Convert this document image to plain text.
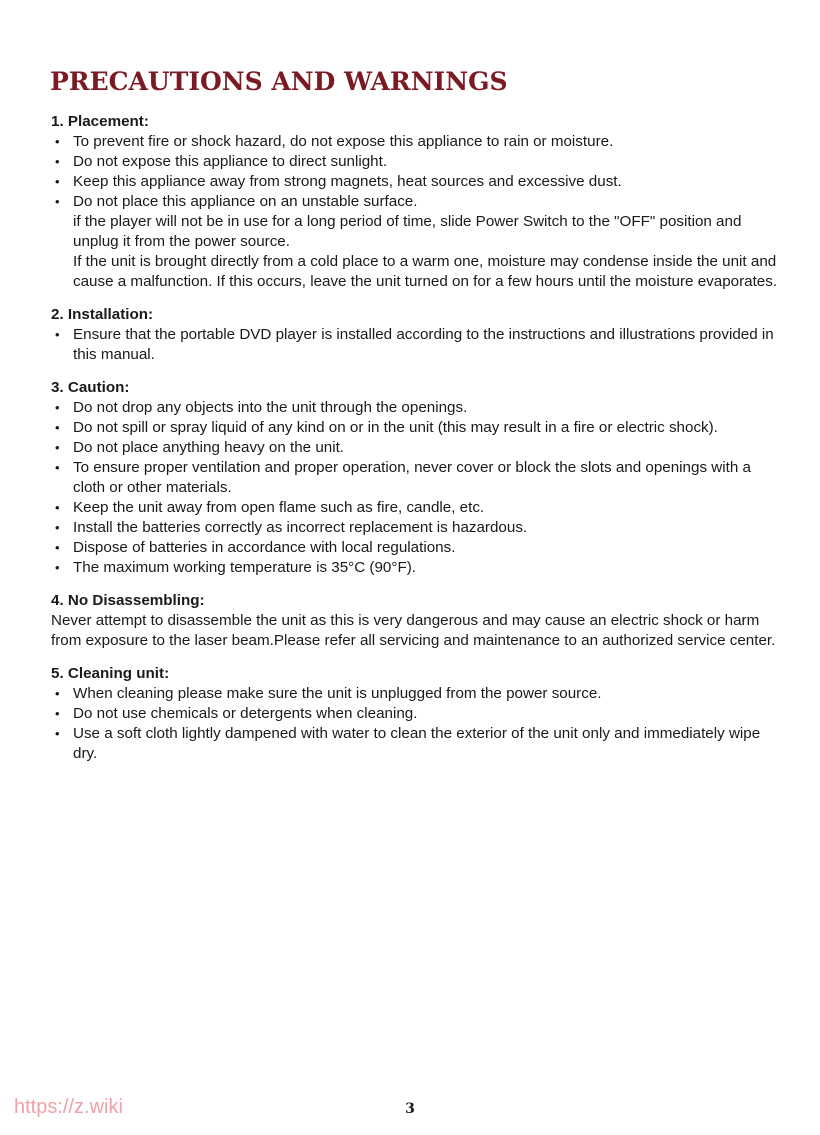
PRECAUTIONS AND WARNINGS

1. Placement:

• To prevent fire or shock hazard, do not expose this appliance to rain or moisture.
• Do not expose this appliance to direct sunlight.
• Keep this appliance away from strong magnets, heat sources and excessive dust.
• Do not place this appliance on an unstable surface.

if the player will not be in use for a long period of time, slide Power Switch to the "OFF" position and unplug it from the power source.

If the unit is brought directly from a cold place to a warm one, moisture may condense inside the unit and cause a malfunction. If this occurs, leave the unit turned on for a few hours until the moisture evaporates.

2. Installation:

• Ensure that the portable DVD player is installed according to the instructions and illustrations provided in this manual.

3. Caution:

• Do not drop any objects into the unit through the openings.
• Do not spill or spray liquid of any kind on or in the unit (this may result in a fire or electric shock).
• Do not place anything heavy on the unit.
• To ensure proper ventilation and proper operation, never cover or block the slots and openings with a cloth or other materials.
• Keep the unit away from open flame such as fire, candle, etc.
• Install the batteries correctly as incorrect replacement is hazardous.
• Dispose of batteries in accordance with local regulations.
• The maximum working temperature is 35°C (90°F).

4. No Disassembling:

Never attempt to disassemble the unit as this is very dangerous and may cause an electric shock or harm from exposure to the laser beam.Please refer all servicing and maintenance to an authorized service center.

5. Cleaning unit:

• When cleaning please make sure the unit is unplugged from the power source.
• Do not use chemicals or detergents when cleaning.
• Use a soft cloth lightly dampened with water to clean the exterior of the unit only and immediately wipe dry.
https://z.wiki	3
